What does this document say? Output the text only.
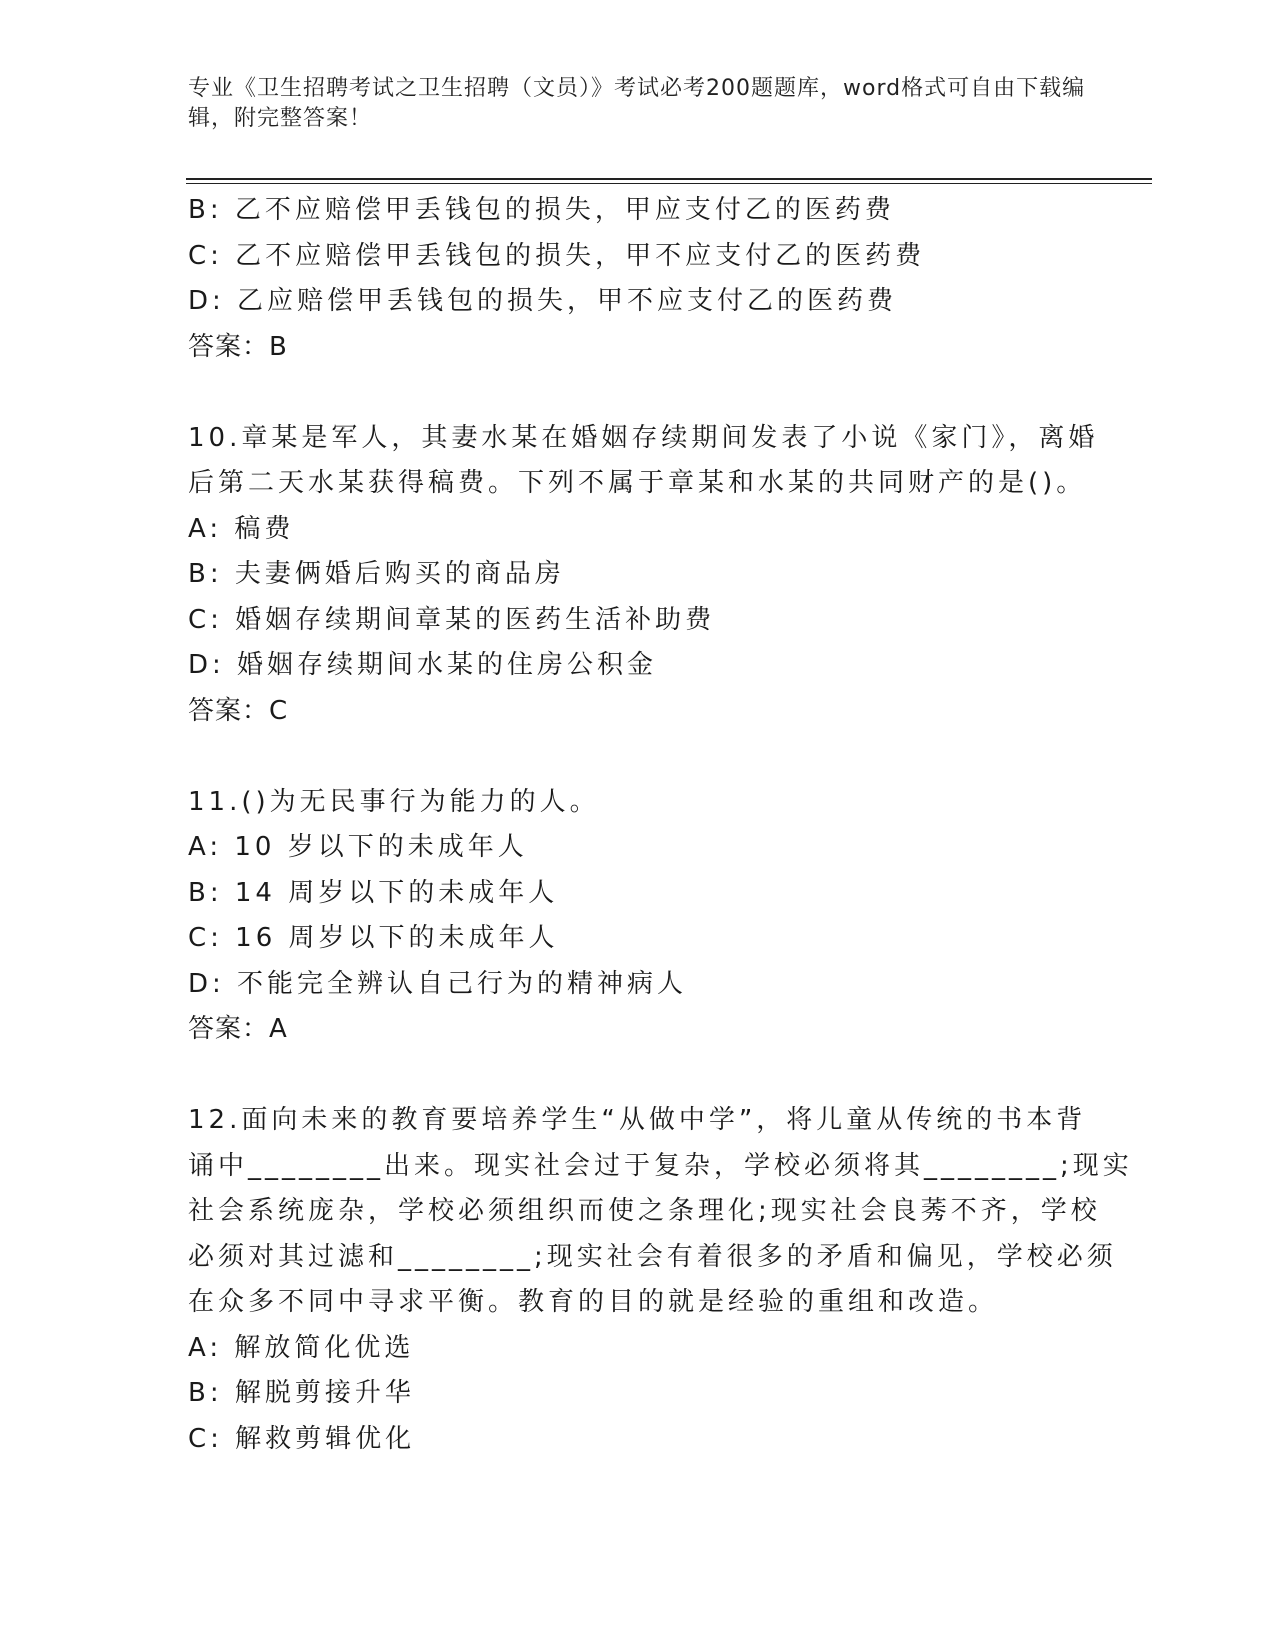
专业《卫生招聘考试之卫生招聘（文员）》考试必考200题题库，word格式可自由下载编辑，附完整答案！
B: 乙不应赔偿甲丢钱包的损失，甲应支付乙的医药费
C: 乙不应赔偿甲丢钱包的损失，甲不应支付乙的医药费
D: 乙应赔偿甲丢钱包的损失，甲不应支付乙的医药费
答案：B
10.章某是军人，其妻水某在婚姻存续期间发表了小说《家门》，离婚
后第二天水某获得稿费。下列不属于章某和水某的共同财产的是()。
A: 稿费
B: 夫妻俩婚后购买的商品房
C: 婚姻存续期间章某的医药生活补助费
D: 婚姻存续期间水某的住房公积金
答案：C
11.()为无民事行为能力的人。
A: 10 岁以下的未成年人
B: 14 周岁以下的未成年人
C: 16 周岁以下的未成年人
D: 不能完全辨认自己行为的精神病人
答案：A
12.面向未来的教育要培养学生“从做中学”，将儿童从传统的书本背
诵中________出来。现实社会过于复杂，学校必须将其________;现实
社会系统庞杂，学校必须组织而使之条理化;现实社会良莠不齐，学校
必须对其过滤和________;现实社会有着很多的矛盾和偏见，学校必须
在众多不同中寻求平衡。教育的目的就是经验的重组和改造。
A: 解放简化优选
B: 解脱剪接升华
C: 解救剪辑优化
